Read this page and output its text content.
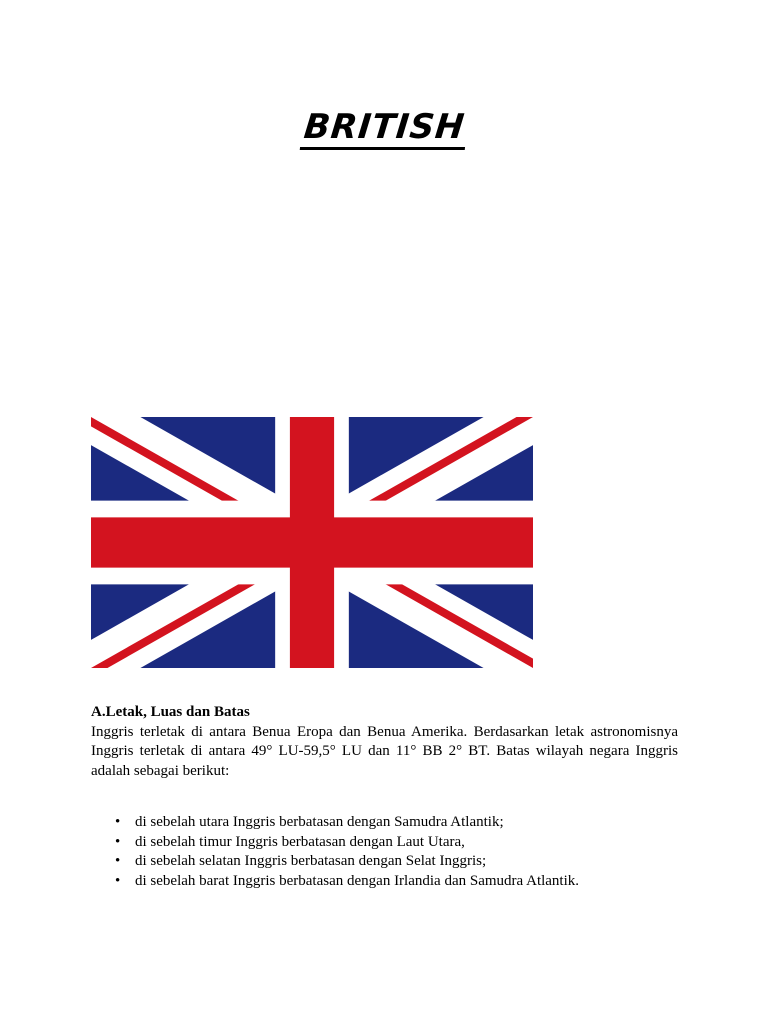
BRITISH

A.Letak, Luas dan Batas

Inggris terletak di antara Benua Eropa dan Benua Amerika. Berdasarkan letak astronomisnya Inggris terletak di antara 49° LU-59,5° LU dan 11° BB 2° BT. Batas wilayah negara Inggris adalah sebagai berikut:

• di sebelah utara Inggris berbatasan dengan Samudra Atlantik;
• di sebelah timur Inggris berbatasan dengan Laut Utara,
• di sebelah selatan Inggris berbatasan dengan Selat Inggris;
• di sebelah barat Inggris berbatasan dengan Irlandia dan Samudra Atlantik.
